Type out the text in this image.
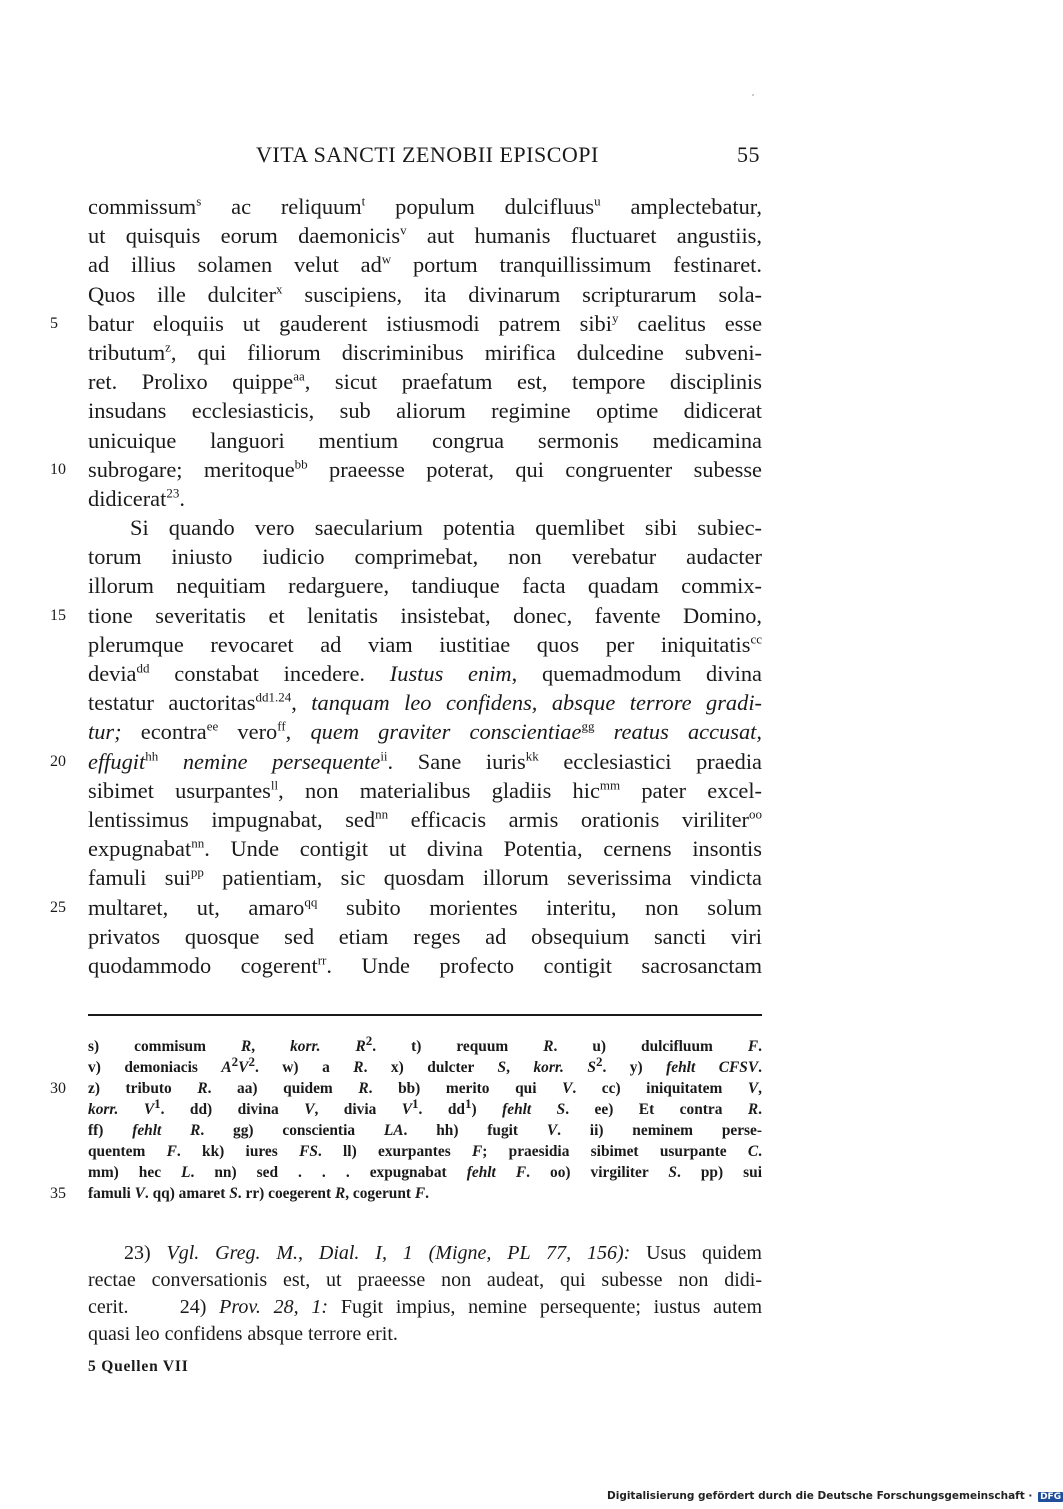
VITA SANCTI ZENOBII EPISCOPI	55
commissum$^s$ ac reliquum$^t$ populum dulcifluus$^u$ amplectebatur,
ut quisquis eorum daemonicis$^v$ aut humanis fluctuaret angustiis,
ad illius solamen velut $ad^w$ portum tranquillissimum festinaret.
Quos ille dulciter$^x$ suscipiens, ita divinarum scripturarum sola-
5 batur eloquiis ut gauderent istiusmodi patrem sibi$^y$ caelitus esse
tributum$^z$, qui filiorum discriminibus mirifica dulcedine subveni-
ret. Prolixo quippe$^{aa}$, sicut praefatum est, tempore disciplinis
insudans ecclesiasticis, sub aliorum regimine optime didicerat
unicuique languori mentium congrua sermonis medicamina
10 subrogare; meritoque$^{bb}$ praeesse poterat, qui congruenter subesse
didicerat$^{23}$.
Si quando vero saecularium potentia quemlibet sibi subiec-
torum iniusto iudicio comprimebat, non verebatur audacter
illorum nequitiam redarguere, tandiuque facta quadam commix-
15 tione severitatis et lenitatis insistebat, donec, favente Domino,
plerumque revocaret ad viam iustitiae quos per iniquitatis$^{cc}$
devia$^{dd}$ constabat incedere. Iustus enim, quemadmodum divina
testatur auctoritas$^{dd1.24}$, tanquam leo confidens, absque terrore gradi-
tur; econtra$^{ee}$ vero$^{ff}$, quem graviter conscientiae$^{gg}$ reatus accusat,
20 effugit$^{hh}$ nemine persequente$^{ii}$. Sane iuris$^{kk}$ ecclesiastici praedia
sibimet usurpantes$^{ll}$, non materialibus gladiis hic$^{mm}$ pater excel-
lentissimus impugnabat, sed$^{nn}$ efficacis armis orationis viriliter$^{oo}$
expugnabat$^{nn}$. Unde contigit ut divina Potentia, cernens insontis
famuli sui$^{pp}$ patientiam, sic quosdam illorum severissima vindicta
25 multaret, ut, amaro$^{qq}$ subito morientes interitu, non solum
privatos quosque sed etiam reges ad obsequium sancti viri
quodammodo cogerent$^{rr}$. Unde profecto contigit sacrosanctam
s) commisum R, korr. $R^2$. t) requum R. u) dulcifluum F.
v) demoniacis $A^2V^2$. w) a R. x) dulcter S, korr. $S^2$. y) fehlt CFSV.
30 z) tributo R. aa) quidem R. bb) merito qui V. cc) iniquitatem V,
korr. $V^1$. dd) divina V, divia $V^1$. $dd^1$) fehlt S. ee) Et contra R.
ff) fehlt R. gg) conscientia LA. hh) fugit V. ii) neminem perse-
quentem F. kk) iures FS. ll) exurpantes F; praesidia sibimet usurpante C.
mm) hec L. nn) sed . . . expugnabat fehlt F. oo) virgiliter S. pp) sui
35 famuli V. qq) amaret S. rr) coegerent R, cogerunt F.
23) Vgl. Greg. M., Dial. I, 1 (Migne, PL 77, 156): Usus quidem
rectae conversationis est, ut praeesse non audeat, qui subesse non didi-
cerit.    24) Prov. 28, 1: Fugit impius, nemine persequente; iustus autem
quasi leo confidens absque terrore erit.
5 Quellen VII
Digitalisierung gefördert durch die Deutsche Forschungsgemeinschaft · DFG
